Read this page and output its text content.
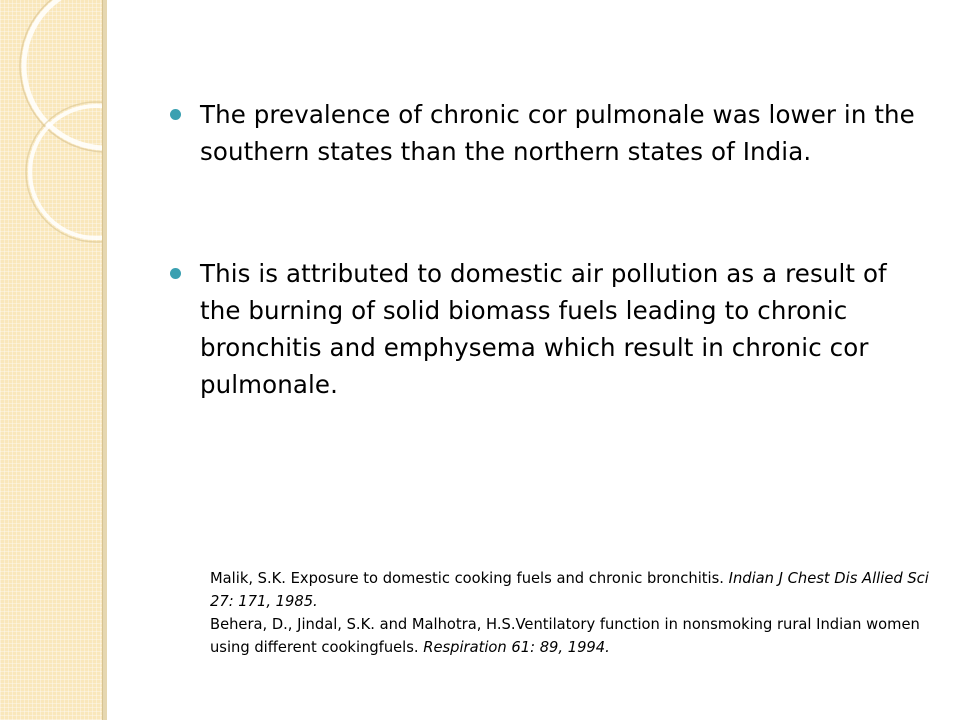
The prevalence of chronic cor pulmonale was lower in the southern states than the northern states of India.
This is attributed to domestic air pollution as a result of the burning of solid biomass fuels leading to chronic bronchitis and emphysema which result in chronic cor pulmonale.

Malik, S.K. Exposure to domestic cooking fuels and chronic bronchitis. Indian J Chest Dis Allied Sci 27: 171, 1985.

Behera, D., Jindal, S.K. and Malhotra, H.S.Ventilatory function in nonsmoking rural Indian women using different cookingfuels. Respiration 61: 89, 1994.
